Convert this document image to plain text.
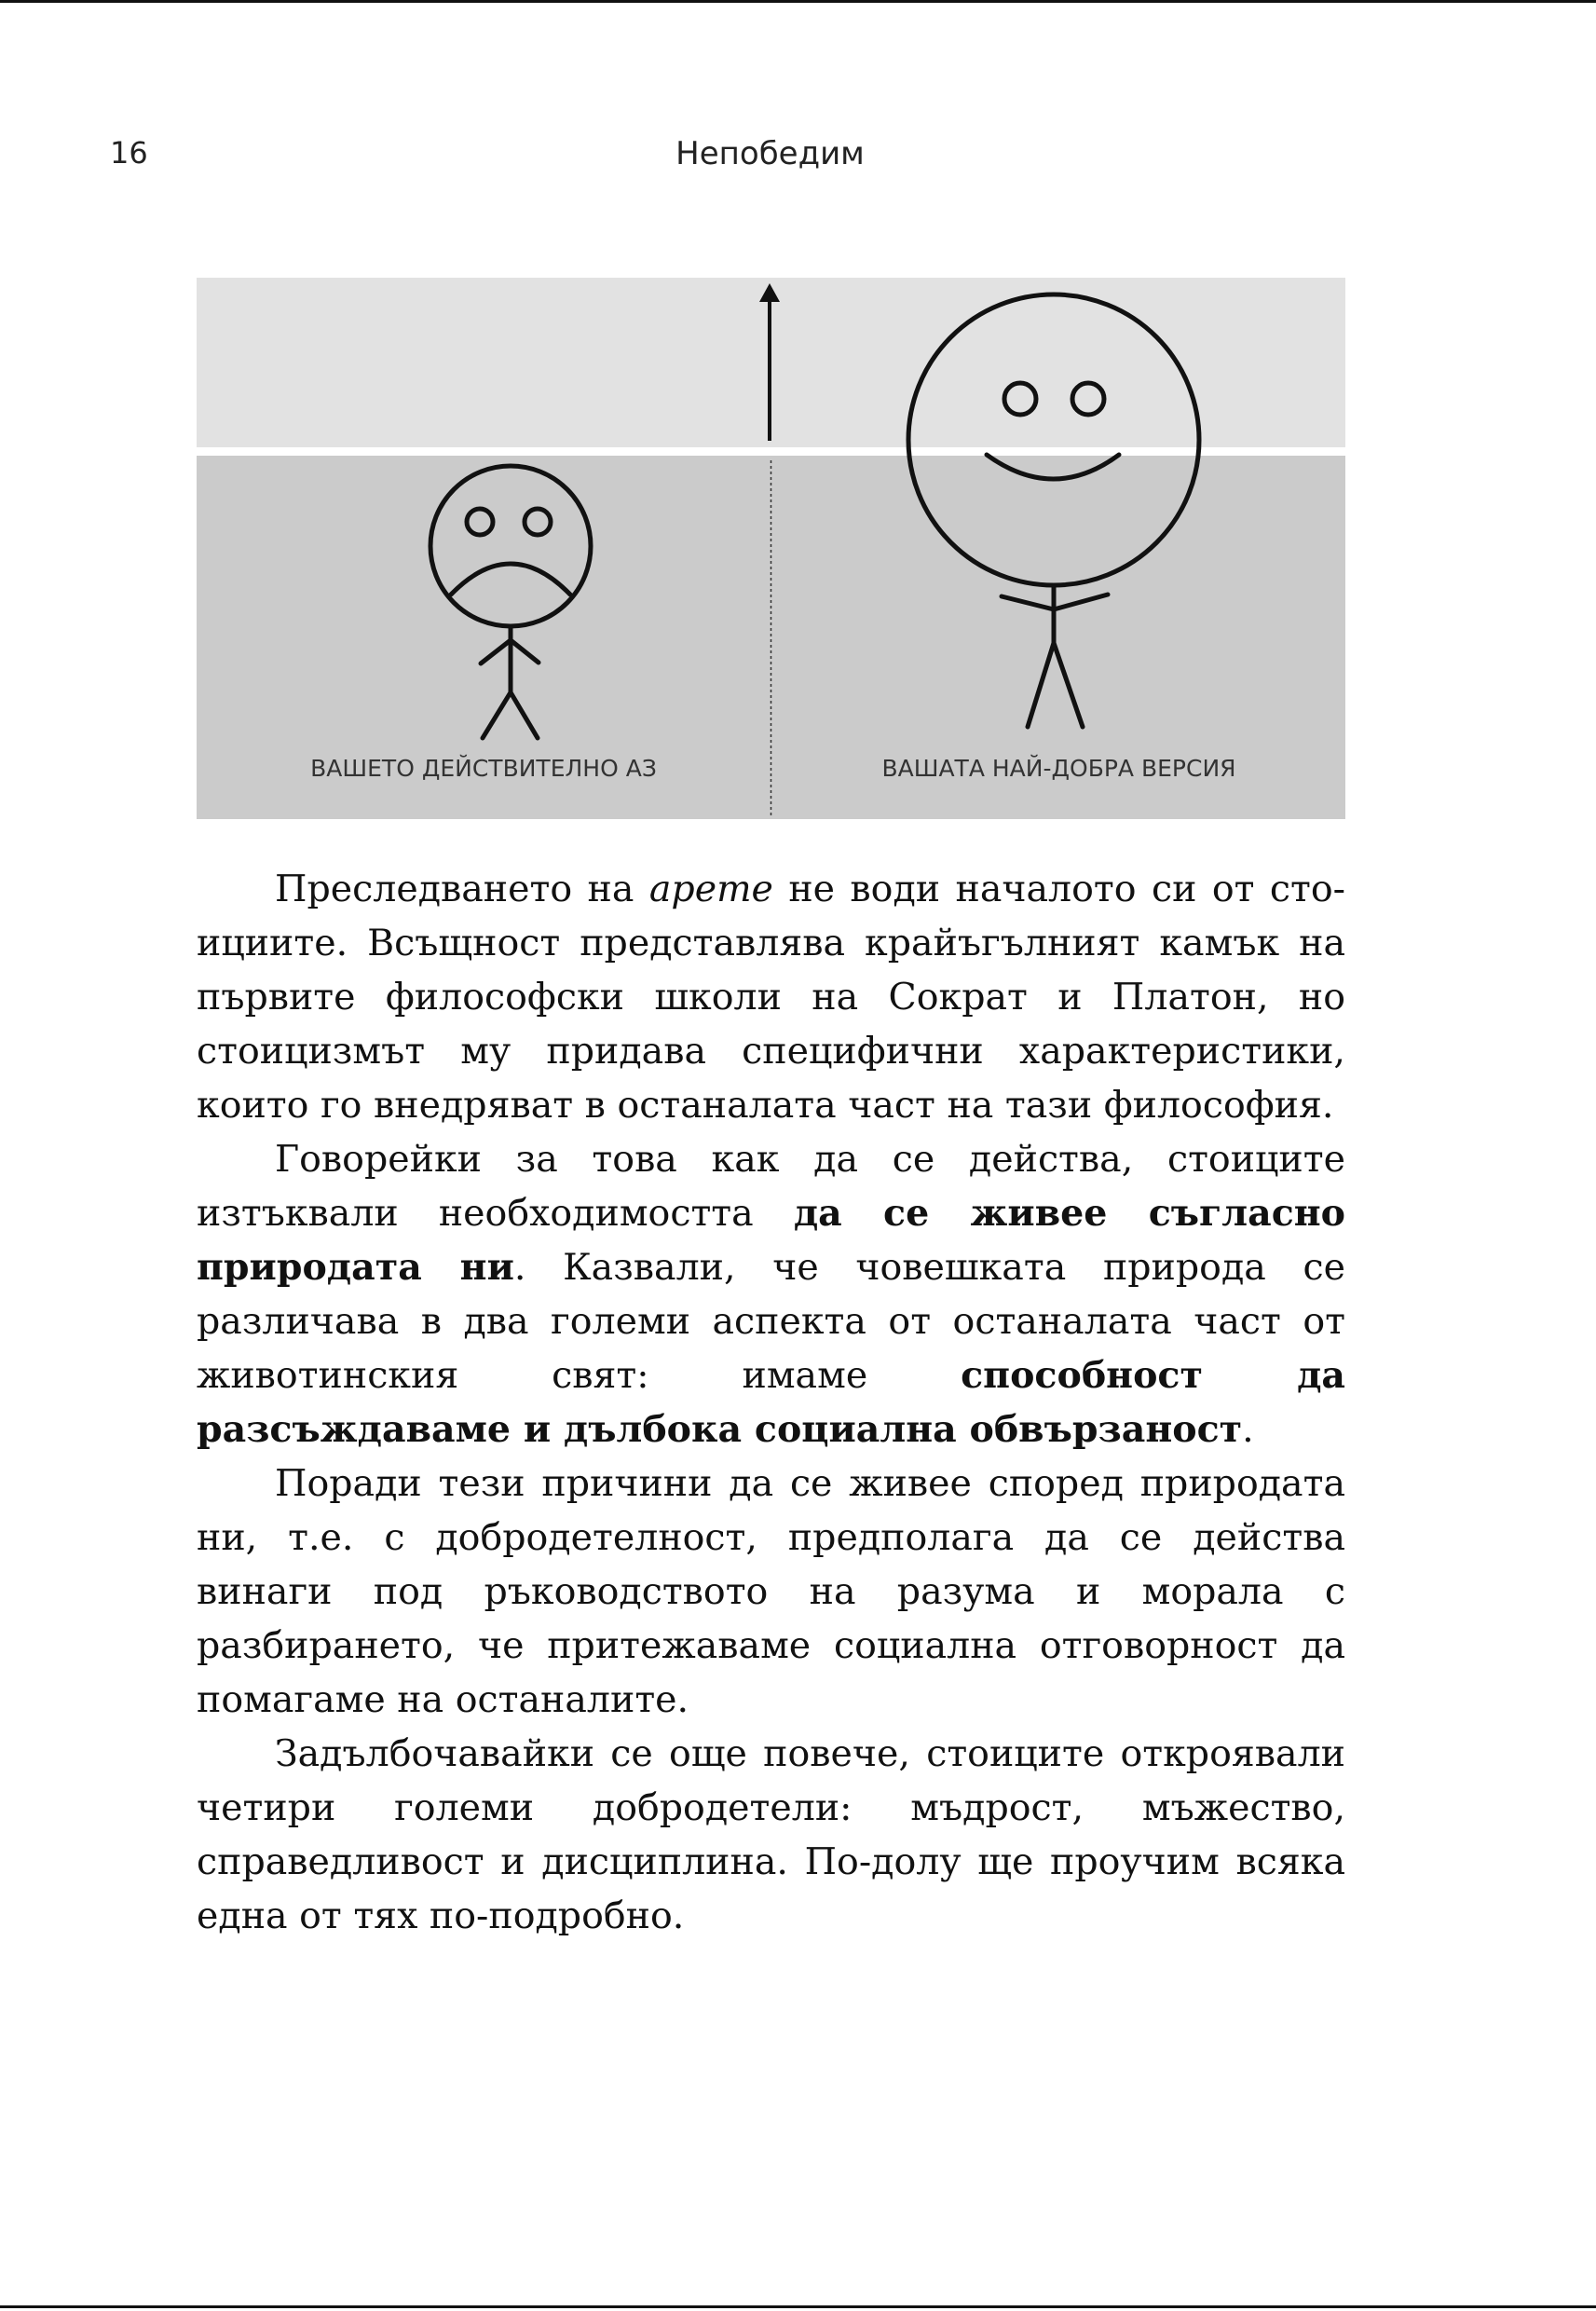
16	Непобедим
ВАШЕТО ДЕЙСТВИТЕЛНО АЗ	ВАШАТА НАЙ-ДОБРА ВЕРСИЯ

Преследването на арете не води началото си от стоициите. Всъщност представлява крайъгълният камък на първите философски школи на Сократ и Платон, но стоицизмът му придава специфични характеристики, които го внедряват в останалата част на тази философия.

Говорейки за това как да се действа, стоиците изтъквали необходимостта да се живее съгласно природата ни. Казвали, че човешката природа се различава в два големи аспекта от останалата част от животинския свят: имаме способност да разсъждаваме и дълбока социална обвързаност.

Поради тези причини да се живее според природата ни, т.е. с добродетелност, предполага да се действа винаги под ръководството на разума и морала с разбирането, че притежаваме социална отговорност да помагаме на останалите.

Задълбочавайки се още повече, стоиците откроявали четири големи добродетели: мъдрост, мъжество, справедливост и дисциплина. По-долу ще проучим всяка една от тях по-подробно.
